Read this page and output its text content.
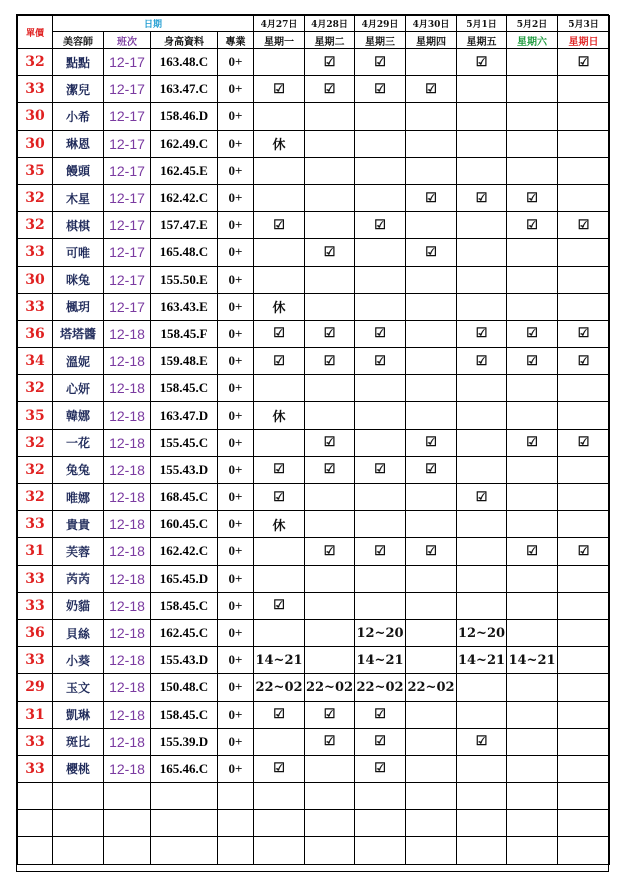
單價	日期				4月27日	4月28日	4月29日	4月30日	5月1日	5月2日	5月3日
	美容師	班次	身高資料	專業	星期一	星期二	星期三	星期四	星期五	星期六	星期日
32	點點	12-17	163.48.C	0+		☑	☑		☑		☑
33	潔兒	12-17	163.47.C	0+	☑	☑	☑	☑			
30	小希	12-17	158.46.D	0+							
30	琳恩	12-17	162.49.C	0+	休						
35	饅頭	12-17	162.45.E	0+							
32	木星	12-17	162.42.C	0+				☑	☑	☑	
32	棋棋	12-17	157.47.E	0+	☑		☑			☑	☑
33	可唯	12-17	165.48.C	0+		☑		☑			
30	咪兔	12-17	155.50.E	0+							
33	楓玥	12-17	163.43.E	0+	休						
36	塔塔醬	12-18	158.45.F	0+	☑	☑	☑		☑	☑	☑
34	溫妮	12-18	159.48.E	0+	☑	☑	☑		☑	☑	☑
32	心妍	12-18	158.45.C	0+							
35	韓娜	12-18	163.47.D	0+	休						
32	一花	12-18	155.45.C	0+		☑		☑		☑	☑
32	兔兔	12-18	155.43.D	0+	☑	☑	☑	☑			
32	唯娜	12-18	168.45.C	0+	☑				☑		
33	貴貴	12-18	160.45.C	0+	休						
31	芙蓉	12-18	162.42.C	0+		☑	☑	☑		☑	☑
33	芮芮	12-18	165.45.D	0+							
33	奶貓	12-18	158.45.C	0+	☑						
36	貝絲	12-18	162.45.C	0+			12~20		12~20		
33	小葵	12-18	155.43.D	0+	14~21		14~21		14~21	14~21	
29	玉文	12-18	150.48.C	0+	22~02	22~02	22~02	22~02			
31	凱琳	12-18	158.45.C	0+	☑	☑	☑				
33	斑比	12-18	155.39.D	0+		☑	☑		☑		
33	櫻桃	12-18	165.46.C	0+	☑		☑				
